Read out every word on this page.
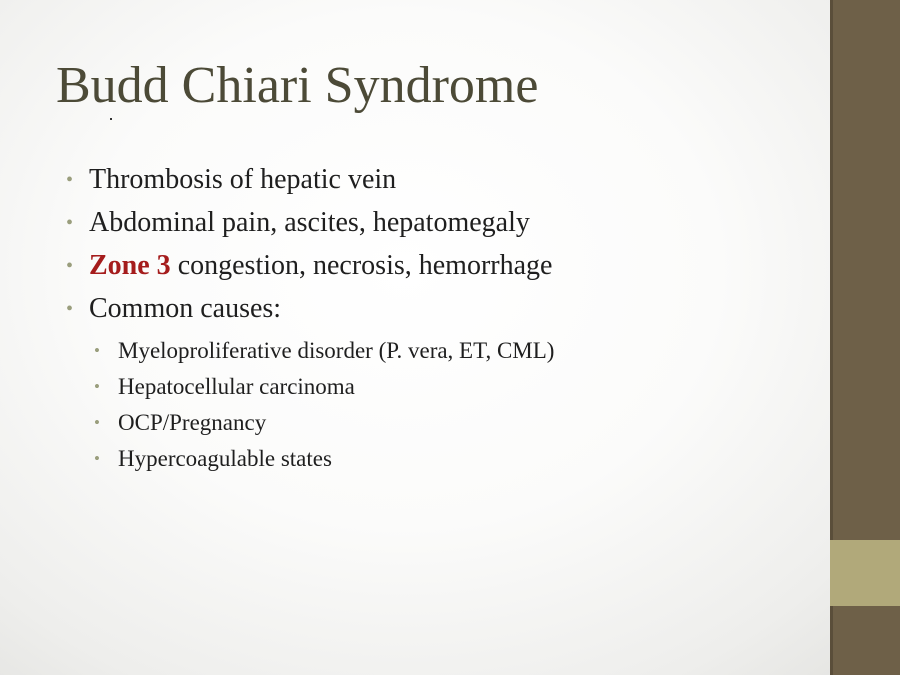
Budd Chiari Syndrome
• Thrombosis of hepatic vein
• Abdominal pain, ascites, hepatomegaly
• Zone 3 congestion, necrosis, hemorrhage
• Common causes:
• Myeloproliferative disorder (P. vera, ET, CML)
• Hepatocellular carcinoma
• OCP/Pregnancy
• Hypercoagulable states
